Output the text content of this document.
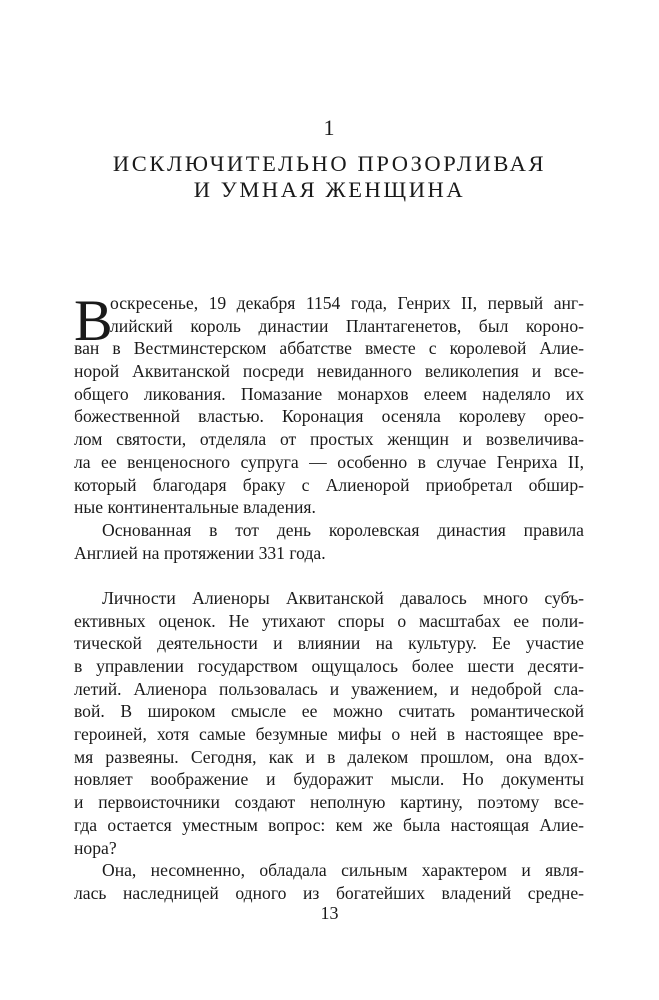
1
ИСКЛЮЧИТЕЛЬНО ПРОЗОРЛИВАЯ
И УМНАЯ ЖЕНЩИНА
В
оскресенье, 19 декабря 1154 года, Генрих II, первый анг-
лийский король династии Плантагенетов, был короно-
ван в Вестминстерском аббатстве вместе с королевой Алие-
норой Аквитанской посреди невиданного великолепия и все-
общего ликования. Помазание монархов елеем наделяло их
божественной властью. Коронация осеняла королеву орео-
лом святости, отделяла от простых женщин и возвеличива-
ла ее венценосного супруга — особенно в случае Генриха II,
который благодаря браку с Алиенорой приобретал обшир-
ные континентальные владения.
Основанная в тот день королевская династия правила
Англией на протяжении 331 года.
Личности Алиеноры Аквитанской давалось много субъ-
ективных оценок. Не утихают споры о масштабах ее поли-
тической деятельности и влиянии на культуру. Ее участие
в управлении государством ощущалось более шести десяти-
летий. Алиенора пользовалась и уважением, и недоброй сла-
вой. В широком смысле ее можно считать романтической
героиней, хотя самые безумные мифы о ней в настоящее вре-
мя развеяны. Сегодня, как и в далеком прошлом, она вдох-
новляет воображение и будоражит мысли. Но документы
и первоисточники создают неполную картину, поэтому все-
гда остается уместным вопрос: кем же была настоящая Алие-
нора?
Она, несомненно, обладала сильным характером и явля-
лась наследницей одного из богатейших владений средне-
13
